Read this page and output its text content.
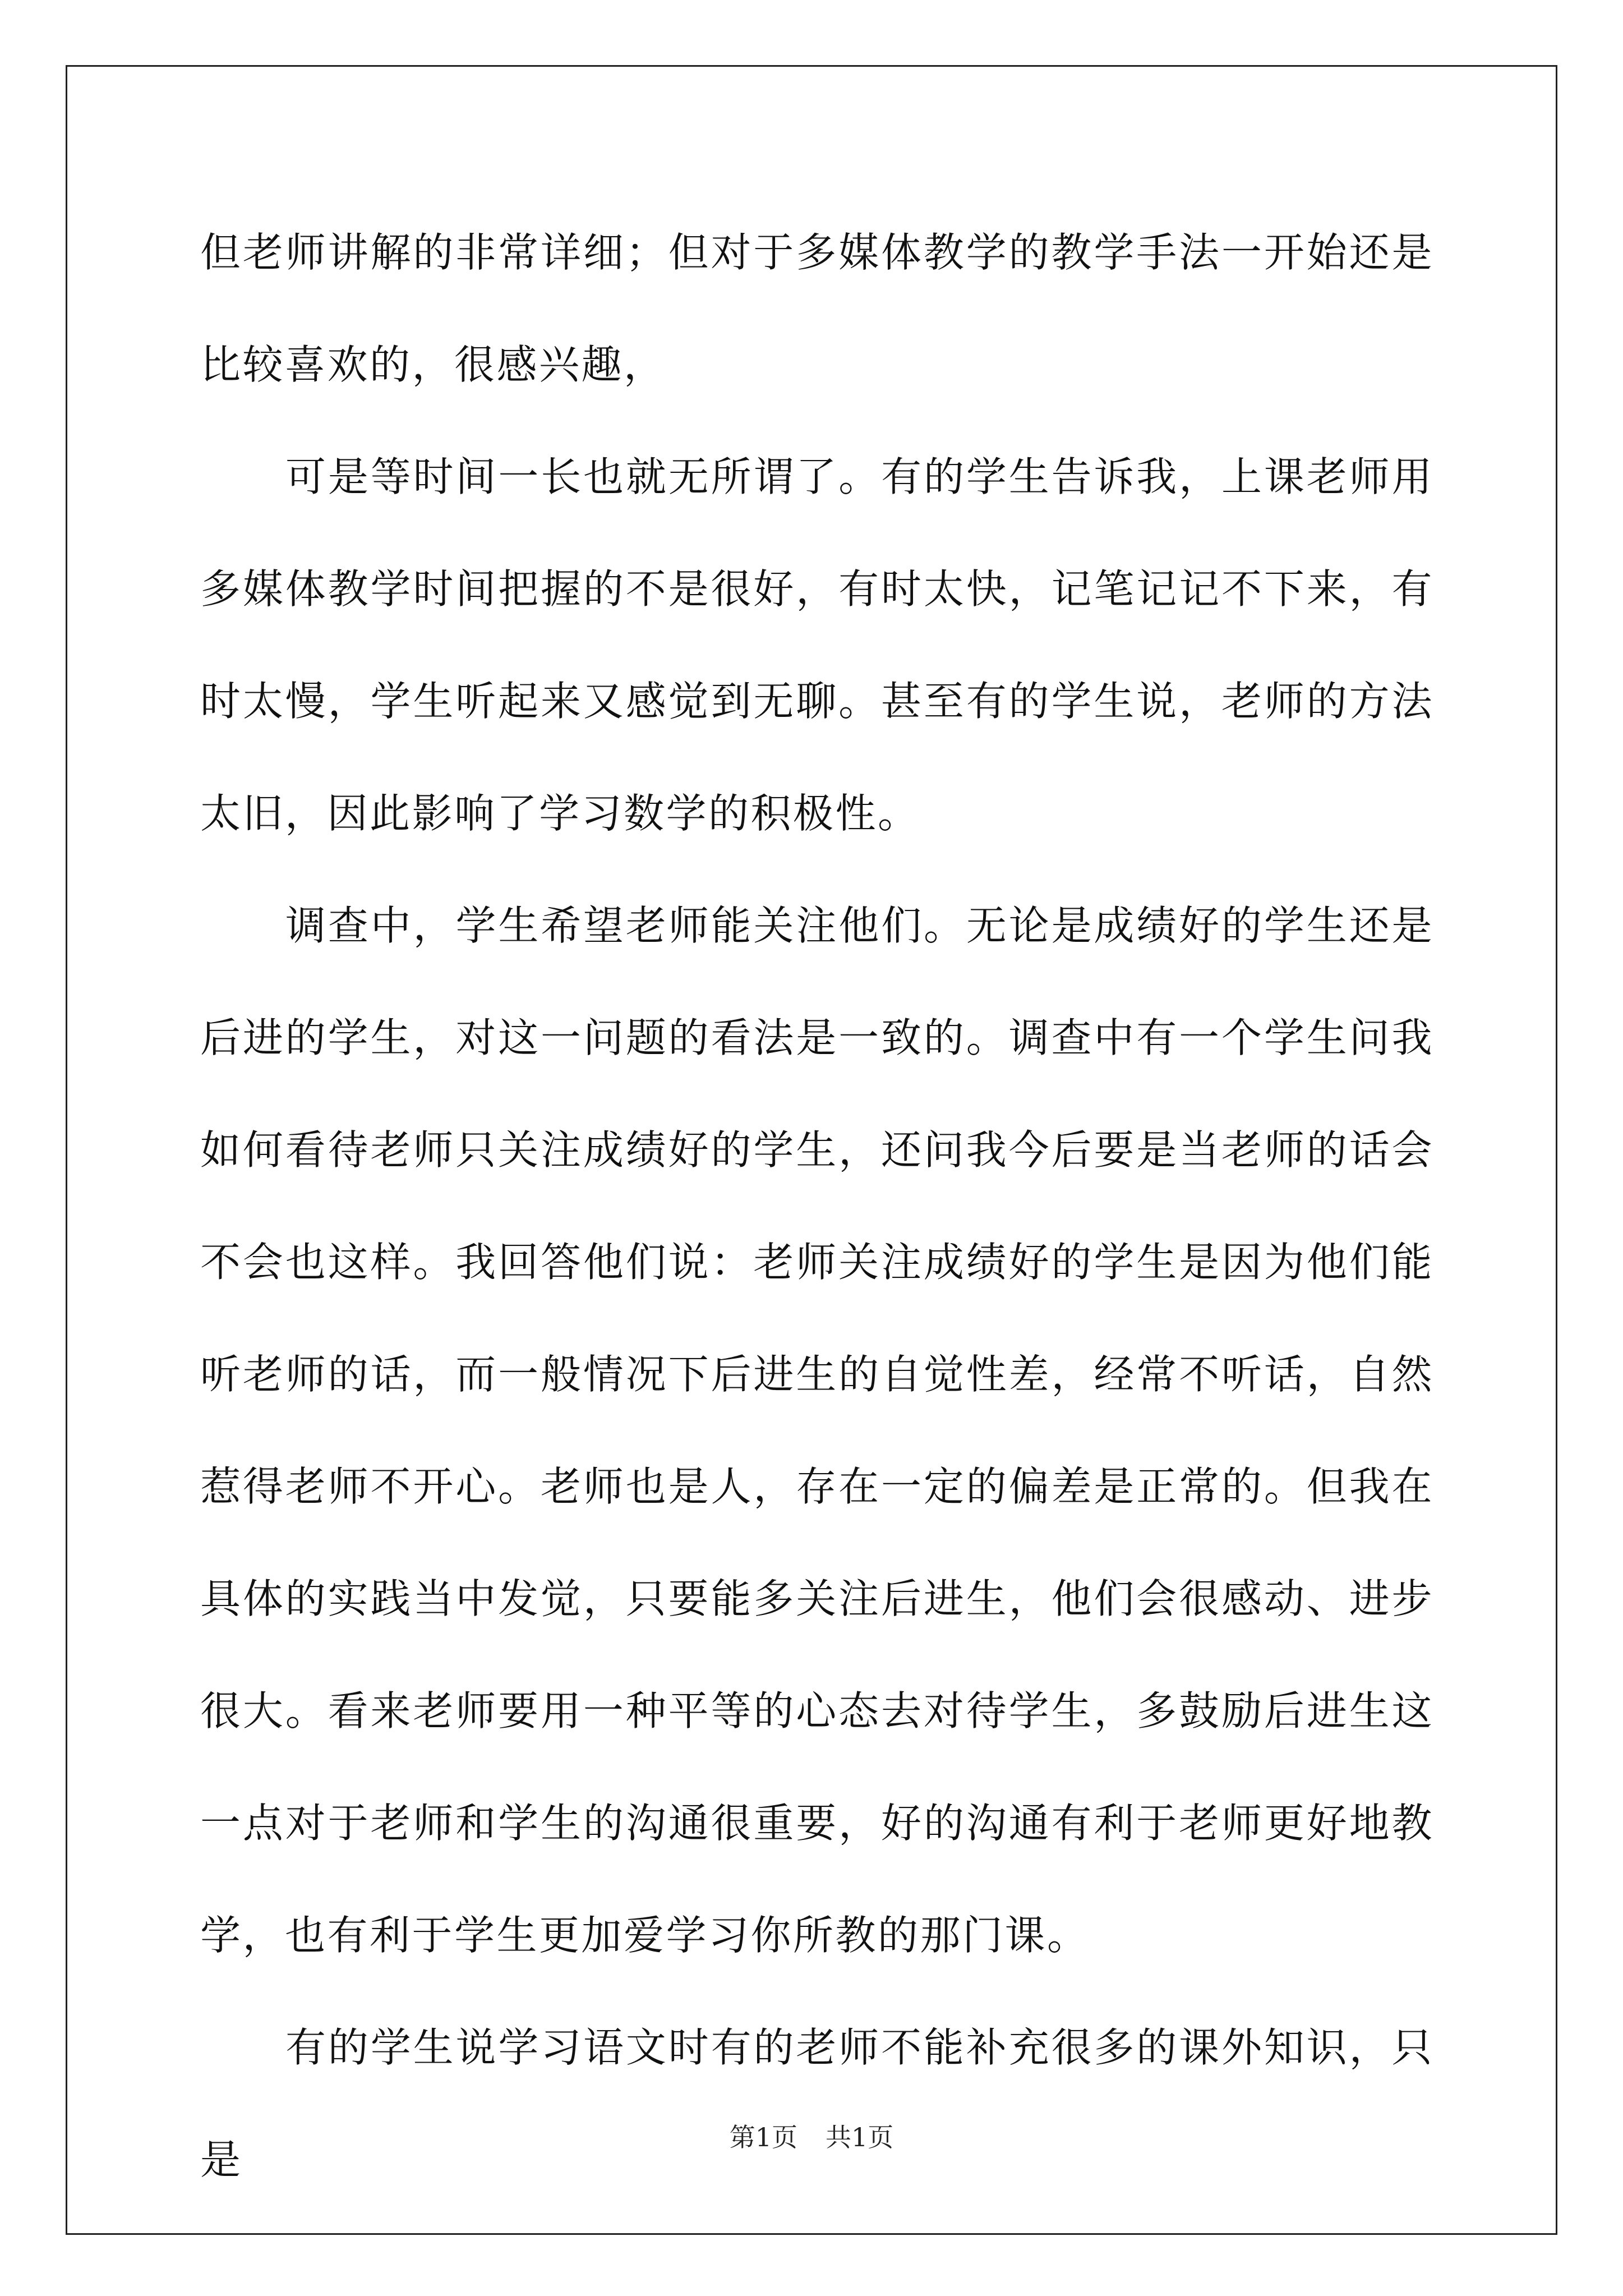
但老师讲解的非常详细；但对于多媒体教学的教学手法一开始还是比较喜欢的，很感兴趣，

可是等时间一长也就无所谓了。有的学生告诉我，上课老师用多媒体教学时间把握的不是很好，有时太快，记笔记记不下来，有时太慢，学生听起来又感觉到无聊。甚至有的学生说，老师的方法太旧，因此影响了学习数学的积极性。

调查中，学生希望老师能关注他们。无论是成绩好的学生还是后进的学生，对这一问题的看法是一致的。调查中有一个学生问我如何看待老师只关注成绩好的学生，还问我今后要是当老师的话会不会也这样。我回答他们说：老师关注成绩好的学生是因为他们能听老师的话，而一般情况下后进生的自觉性差，经常不听话，自然惹得老师不开心。老师也是人，存在一定的偏差是正常的。但我在具体的实践当中发觉，只要能多关注后进生，他们会很感动、进步很大。看来老师要用一种平等的心态去对待学生，多鼓励后进生这一点对于老师和学生的沟通很重要，好的沟通有利于老师更好地教学，也有利于学生更加爱学习你所教的那门课。

有的学生说学习语文时有的老师不能补充很多的课外知识，只是	第1页 共1页
